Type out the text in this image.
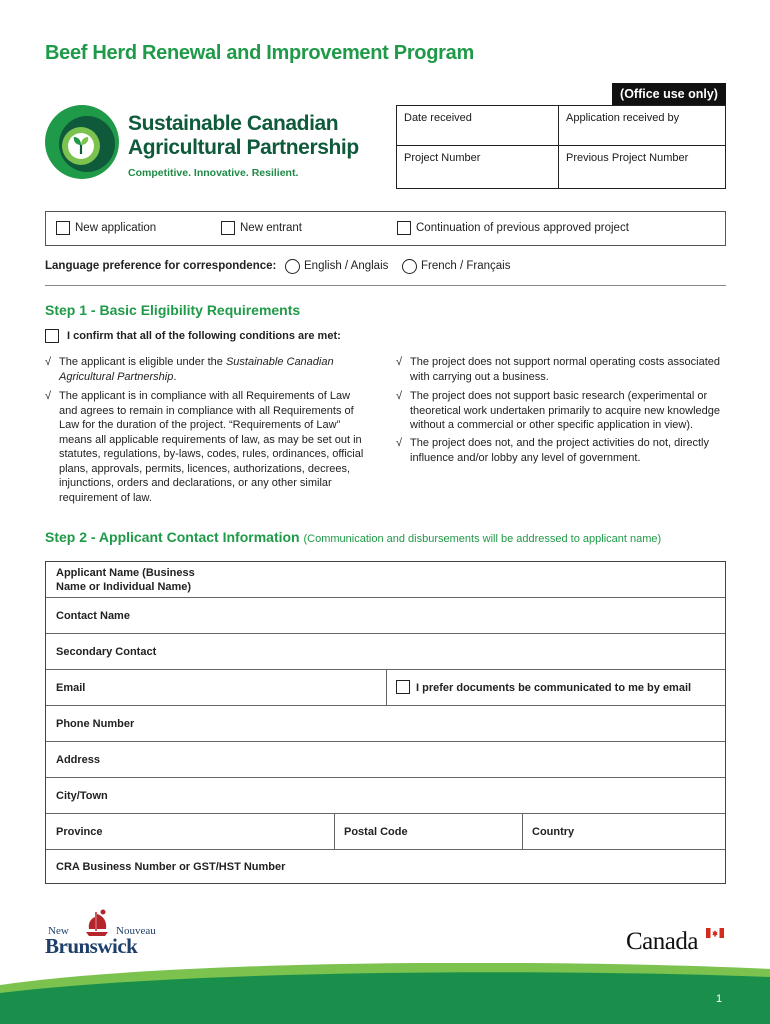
Beef Herd Renewal and Improvement Program
(Office use only)
Date received	Application received by
Project Number	Previous Project Number
Sustainable Canadian
Agricultural Partnership
Competitive. Innovative. Resilient.
New application	New entrant	Continuation of previous approved project
Language preference for correspondence: English / Anglais	French / Français
Step 1 - Basic Eligibility Requirements
I confirm that all of the following conditions are met:
√ The applicant is eligible under the Sustainable Canadian Agricultural Partnership.
√ The applicant is in compliance with all Requirements of Law and agrees to remain in compliance with all Requirements of Law for the duration of the project. “Requirements of Law” means all applicable requirements of law, as may be set out in statutes, regulations, by-laws, codes, rules, ordinances, official plans, approvals, permits, licences, authorizations, decrees, injunctions, orders and declarations, or any other similar requirement of law.
√ The project does not support normal operating costs associated with carrying out a business.
√ The project does not support basic research (experimental or theoretical work undertaken primarily to acquire new knowledge without a commercial or other specific application in view).
√ The project does not, and the project activities do not, directly influence and/or lobby any level of government.
Step 2 - Applicant Contact Information (Communication and disbursements will be addressed to applicant name)
Applicant Name (Business Name or Individual Name)
Contact Name
Secondary Contact
Email	I prefer documents be communicated to me by email
Phone Number
Address
City/Town
Province	Postal Code	Country
CRA Business Number or GST/HST Number
New	Nouveau
Brunswick	Canada
1
